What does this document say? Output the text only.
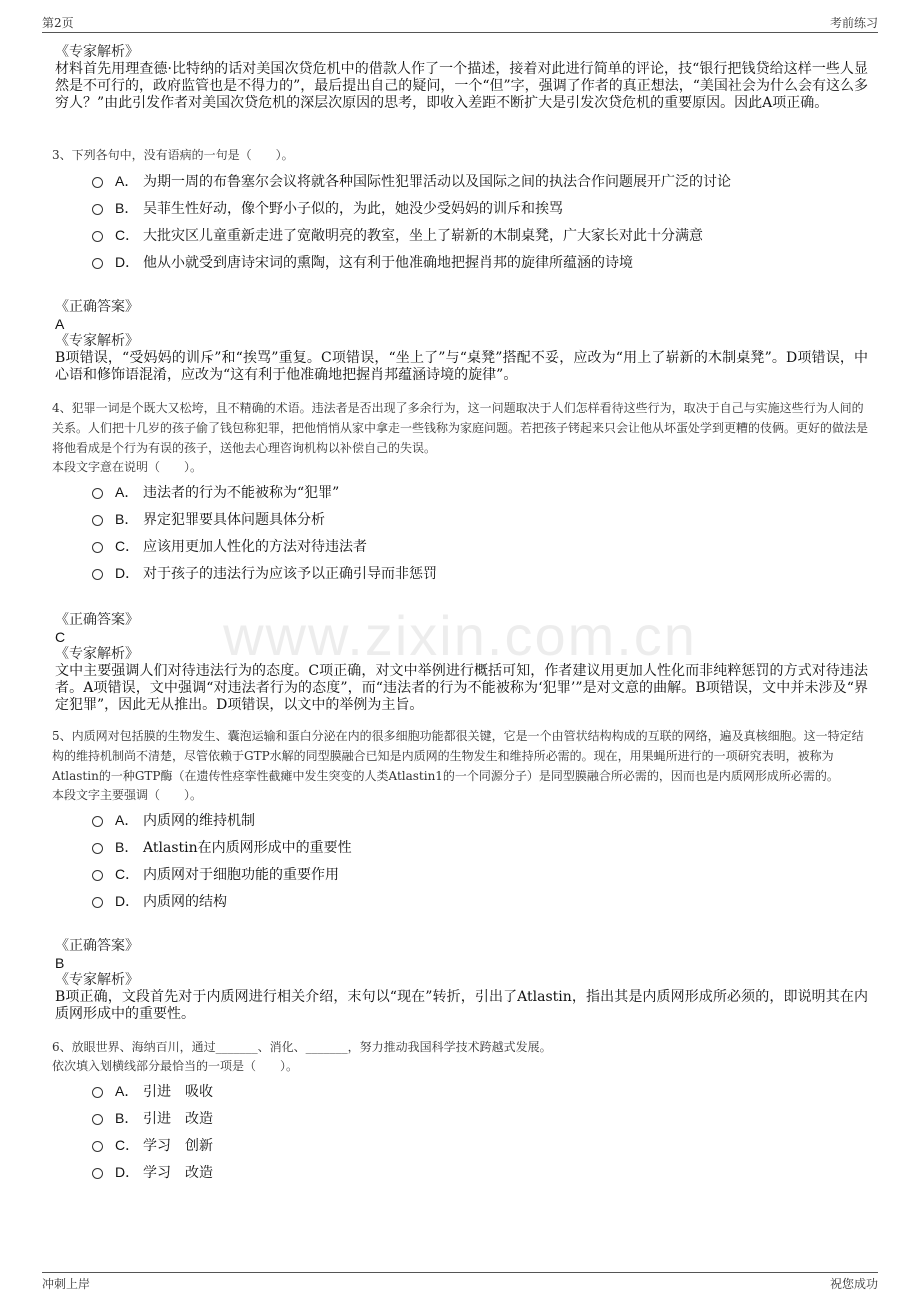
第2页	考前练习
www.zixin.com.cn
《专家解析》
材料首先用理查德·比特纳的话对美国次贷危机中的借款人作了一个描述，接着对此进行简单的评论，技“银行把钱贷给这样一些人显然是不可行的，政府监管也是不得力的”，最后提出自己的疑问，一个“但”字，强调了作者的真正想法，“美国社会为什么会有这么多穷人？”由此引发作者对美国次贷危机的深层次原因的思考，即收入差距不断扩大是引发次贷危机的重要原因。因此A项正确。
3、下列各句中，没有语病的一句是（　　）。
A． 为期一周的布鲁塞尔会议将就各种国际性犯罪活动以及国际之间的执法合作问题展开广泛的讨论
B． 吴菲生性好动，像个野小子似的，为此，她没少受妈妈的训斥和挨骂
C． 大批灾区儿童重新走进了宽敞明亮的教室，坐上了崭新的木制桌凳，广大家长对此十分满意
D． 他从小就受到唐诗宋词的熏陶，这有利于他准确地把握肖邦的旋律所蕴涵的诗境
《正确答案》
A
《专家解析》
B项错误，“受妈妈的训斥”和“挨骂”重复。C项错误，“坐上了”与“桌凳”搭配不妥，应改为“用上了崭新的木制桌凳”。D项错误，中心语和修饰语混淆，应改为“这有利于他准确地把握肖邦蕴涵诗境的旋律”。
4、犯罪一词是个既大又松垮，且不精确的术语。违法者是否出现了多余行为，这一问题取决于人们怎样看待这些行为，取决于自己与实施这些行为人间的关系。人们把十几岁的孩子偷了钱包称犯罪，把他悄悄从家中拿走一些钱称为家庭问题。若把孩子铐起来只会让他从坏蛋处学到更糟的伎俩。更好的做法是将他看成是个行为有误的孩子，送他去心理咨询机构以补偿自己的失误。
本段文字意在说明（　　）。
A． 违法者的行为不能被称为“犯罪”
B． 界定犯罪要具体问题具体分析
C． 应该用更加人性化的方法对待违法者
D． 对于孩子的违法行为应该予以正确引导而非惩罚
《正确答案》
C
《专家解析》
文中主要强调人们对待违法行为的态度。C项正确，对文中举例进行概括可知，作者建议用更加人性化而非纯粹惩罚的方式对待违法者。A项错误，文中强调“对违法者行为的态度”，而“违法者的行为不能被称为‘犯罪’”是对文意的曲解。B项错误，文中并未涉及“界定犯罪”，因此无从推出。D项错误，以文中的举例为主旨。
5、内质网对包括膜的生物发生、囊泡运输和蛋白分泌在内的很多细胞功能都很关键，它是一个由管状结构构成的互联的网络，遍及真核细胞。这一特定结构的维持机制尚不清楚，尽管依赖于GTP水解的同型膜融合已知是内质网的生物发生和维持所必需的。现在，用果蝇所进行的一项研究表明，被称为Atlastin的一种GTP酶（在遗传性痉挛性截瘫中发生突变的人类Atlastin1的一个同源分子）是同型膜融合所必需的，因而也是内质网形成所必需的。
本段文字主要强调（　　）。
A． 内质网的维持机制
B． Atlastin在内质网形成中的重要性
C． 内质网对于细胞功能的重要作用
D． 内质网的结构
《正确答案》
B
《专家解析》
B项正确，文段首先对于内质网进行相关介绍，末句以“现在”转折，引出了Atlastin，指出其是内质网形成所必须的，即说明其在内质网形成中的重要性。
6、放眼世界、海纳百川，通过_______、消化、_______，努力推动我国科学技术跨越式发展。
依次填入划横线部分最恰当的一项是（　　）。
A． 引进　吸收
B． 引进　改造
C． 学习　创新
D． 学习　改造
冲刺上岸	祝您成功
